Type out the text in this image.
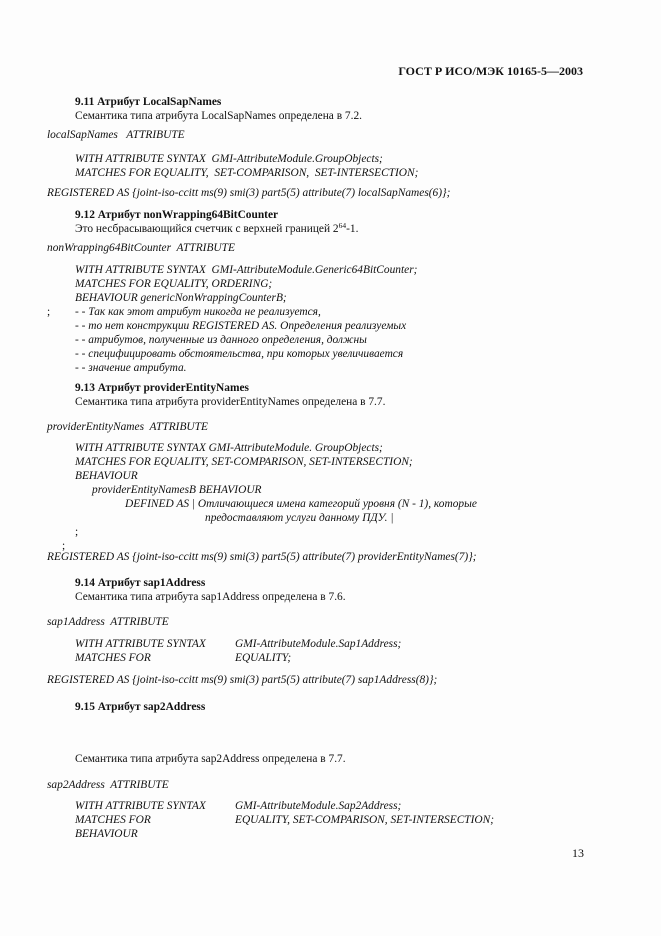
ГОСТ Р ИСО/МЭК 10165-5—2003
9.11 Атрибут LocalSapNames
Семантика типа атрибута LocalSapNames определена в 7.2.
localSapNames   ATTRIBUTE
WITH ATTRIBUTE SYNTAX  GMI-AttributeModule.GroupObjects;
MATCHES FOR EQUALITY,  SET-COMPARISON,  SET-INTERSECTION;
REGISTERED AS {joint-iso-ccitt ms(9) smi(3) part5(5) attribute(7) localSapNames(6)};
9.12 Атрибут nonWrapping64BitCounter
Это несбрасывающийся счетчик с верхней границей $2^{64}-1$.
nonWrapping64BitCounter  ATTRIBUTE
WITH ATTRIBUTE SYNTAX  GMI-AttributeModule.Generic64BitCounter;
MATCHES FOR EQUALITY, ORDERING;
BEHAVIOUR genericNonWrappingCounterB;
; - - Так как этот атрибут никогда не реализуется,
- - то нет конструкции REGISTERED AS. Определения реализуемых
- - атрибутов, полученные из данного определения, должны
- - специфицировать обстоятельства, при которых увеличивается
- - значение атрибута.
9.13 Атрибут providerEntityNames
Семантика типа атрибута providerEntityNames определена в 7.7.
providerEntityNames  ATTRIBUTE
WITH ATTRIBUTE SYNTAX GMI-AttributeModule. GroupObjects;
MATCHES FOR EQUALITY, SET-COMPARISON, SET-INTERSECTION;
BEHAVIOUR
providerEntityNamesB BEHAVIOUR
DEFINED AS | Отличающиеся имена категорий уровня (N - 1), которые
предоставляют услуги данному ПДУ. |
;
;
REGISTERED AS {joint-iso-ccitt ms(9) smi(3) part5(5) attribute(7) providerEntityNames(7)};
9.14 Атрибут sap1Address
Семантика типа атрибута sap1Address определена в 7.6.
sap1Address  ATTRIBUTE
WITH ATTRIBUTE SYNTAX	GMI-AttributeModule.Sap1Address;
MATCHES FOR	EQUALITY;
REGISTERED AS {joint-iso-ccitt ms(9) smi(3) part5(5) attribute(7) sap1Address(8)};
9.15 Атрибут sap2Address
Семантика типа атрибута sap2Address определена в 7.7.
sap2Address  ATTRIBUTE
WITH ATTRIBUTE SYNTAX	GMI-AttributeModule.Sap2Address;
MATCHES FOR	EQUALITY, SET-COMPARISON, SET-INTERSECTION;
BEHAVIOUR
13
